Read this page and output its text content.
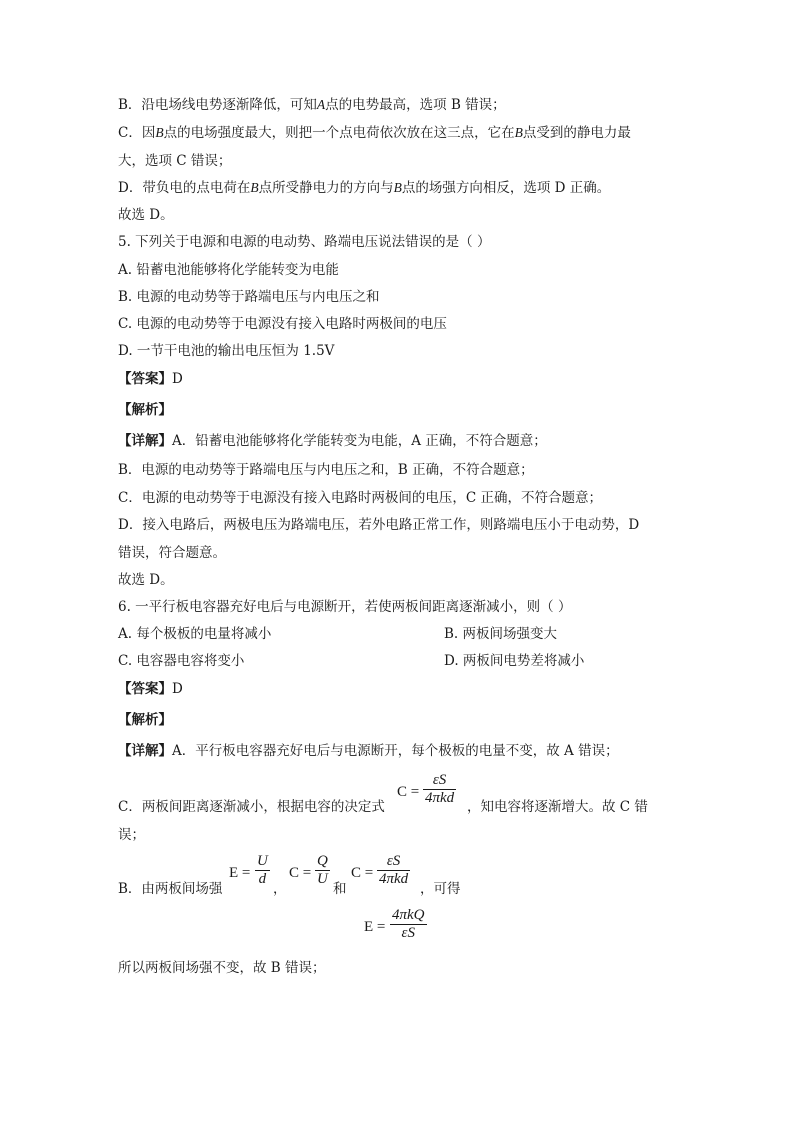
B．沿电场线电势逐渐降低，可知A点的电势最高，选项 B 错误；
C．因B点的电场强度最大，则把一个点电荷依次放在这三点，它在B点受到的静电力最
大，选项 C 错误；
D．带负电的点电荷在B点所受静电力的方向与B点的场强方向相反，选项 D 正确。
故选 D。
5. 下列关于电源和电源的电动势、路端电压说法错误的是（ ）
A. 铅蓄电池能够将化学能转变为电能
B. 电源的电动势等于路端电压与内电压之和
C. 电源的电动势等于电源没有接入电路时两极间的电压
D. 一节干电池的输出电压恒为 1.5V
【答案】D
【解析】
【详解】A．铅蓄电池能够将化学能转变为电能，A 正确，不符合题意；
B．电源的电动势等于路端电压与内电压之和，B 正确，不符合题意；
C．电源的电动势等于电源没有接入电路时两极间的电压，C 正确，不符合题意；
D．接入电路后，两极电压为路端电压，若外电路正常工作，则路端电压小于电动势，D
错误，符合题意。
故选 D。
6. 一平行板电容器充好电后与电源断开，若使两板间距离逐渐减小，则（ ）
A. 每个极板的电量将减小	B. 两板间场强变大
C. 电容器电容将变小	D. 两板间电势差将减小
【答案】D
【解析】
【详解】A．平行板电容器充好电后与电源断开，每个极板的电量不变，故 A 错误；
C．两板间距离逐渐减小，根据电容的决定式
C =
εS
4πkd
，知电容将逐渐增大。故 C 错
误；
B．由两板间场强
$E = \frac{U}{d}$
，
$C = \frac{Q}{U}$
和
C =
εS
4πkd
，可得
E =
4πkQ
εS
所以两板间场强不变，故 B 错误；
